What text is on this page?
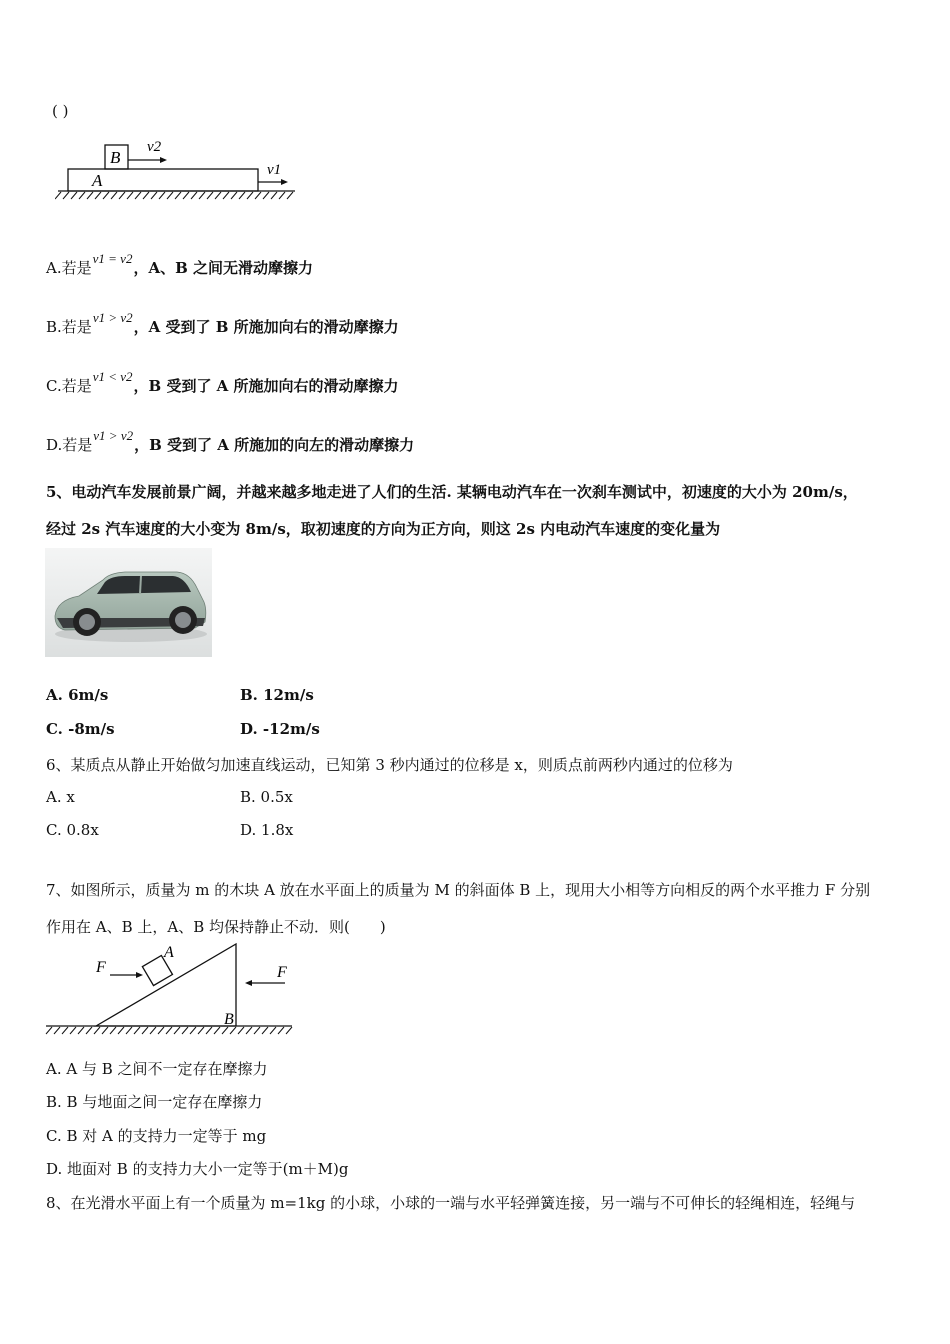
( )
B
A
v2
v1
A.若是v1 = v2，A、B 之间无滑动摩擦力
B.若是v1 > v2，A 受到了 B 所施加向右的滑动摩擦力
C.若是v1 < v2，B 受到了 A 所施加向右的滑动摩擦力
D.若是v1 > v2，B 受到了 A 所施加的向左的滑动摩擦力
5、电动汽车发展前景广阔，并越来越多地走进了人们的生活. 某辆电动汽车在一次刹车测试中，初速度的大小为 20m/s，
经过 2s 汽车速度的大小变为 8m/s，取初速度的方向为正方向，则这 2s 内电动汽车速度的变化量为
A. 6m/s	B. 12m/s
C. -8m/s	D. -12m/s
6、某质点从静止开始做匀加速直线运动，已知第 3 秒内通过的位移是 x，则质点前两秒内通过的位移为
A. x	B. 0.5x
C. 0.8x	D. 1.8x
7、如图所示，质量为 m 的木块 A 放在水平面上的质量为 M 的斜面体 B 上，现用大小相等方向相反的两个水平推力 F 分别
作用在 A、B 上，A、B 均保持静止不动．则(　　)
F
A
F
B
A. A 与 B 之间不一定存在摩擦力
B. B 与地面之间一定存在摩擦力
C. B 对 A 的支持力一定等于 mg
D. 地面对 B 的支持力大小一定等于(m＋M)g
8、在光滑水平面上有一个质量为 m=1kg 的小球，小球的一端与水平轻弹簧连接，另一端与不可伸长的轻绳相连，轻绳与
